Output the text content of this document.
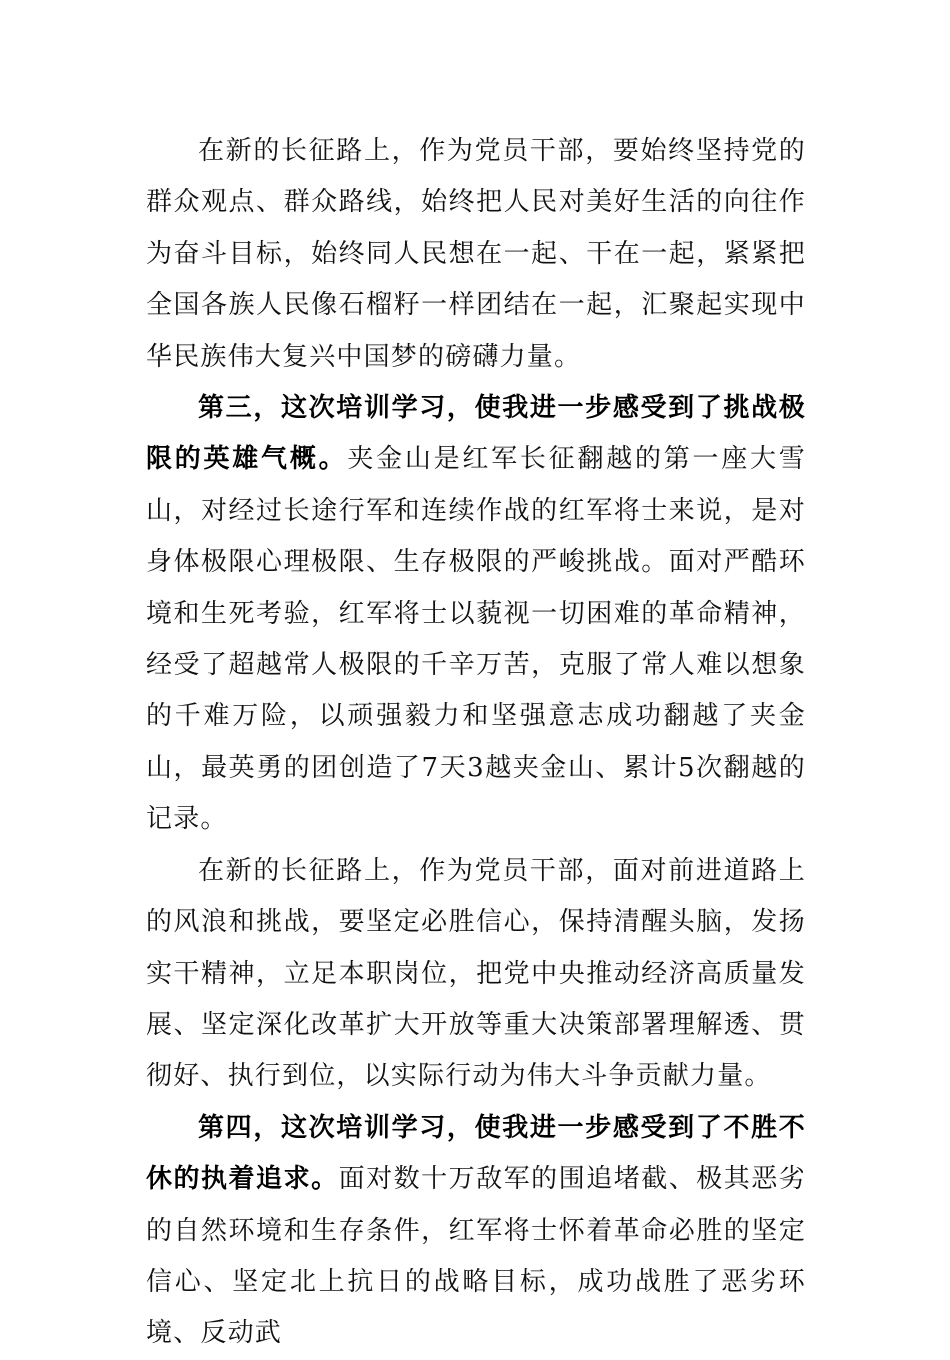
在新的长征路上，作为党员干部，要始终坚持党的群众观点、群众路线，始终把人民对美好生活的向往作为奋斗目标，始终同人民想在一起、干在一起，紧紧把全国各族人民像石榴籽一样团结在一起，汇聚起实现中华民族伟大复兴中国梦的磅礴力量。

第三，这次培训学习，使我进一步感受到了挑战极限的英雄气概。夹金山是红军长征翻越的第一座大雪山，对经过长途行军和连续作战的红军将士来说，是对身体极限心理极限、生存极限的严峻挑战。面对严酷环境和生死考验，红军将士以藐视一切困难的革命精神，经受了超越常人极限的千辛万苦，克服了常人难以想象的千难万险，以顽强毅力和坚强意志成功翻越了夹金山，最英勇的团创造了7天3越夹金山、累计5次翻越的记录。

在新的长征路上，作为党员干部，面对前进道路上的风浪和挑战，要坚定必胜信心，保持清醒头脑，发扬实干精神，立足本职岗位，把党中央推动经济高质量发展、坚定深化改革扩大开放等重大决策部署理解透、贯彻好、执行到位，以实际行动为伟大斗争贡献力量。

第四，这次培训学习，使我进一步感受到了不胜不休的执着追求。面对数十万敌军的围追堵截、极其恶劣的自然环境和生存条件，红军将士怀着革命必胜的坚定信心、坚定北上抗日的战略目标，成功战胜了恶劣环境、反动武
